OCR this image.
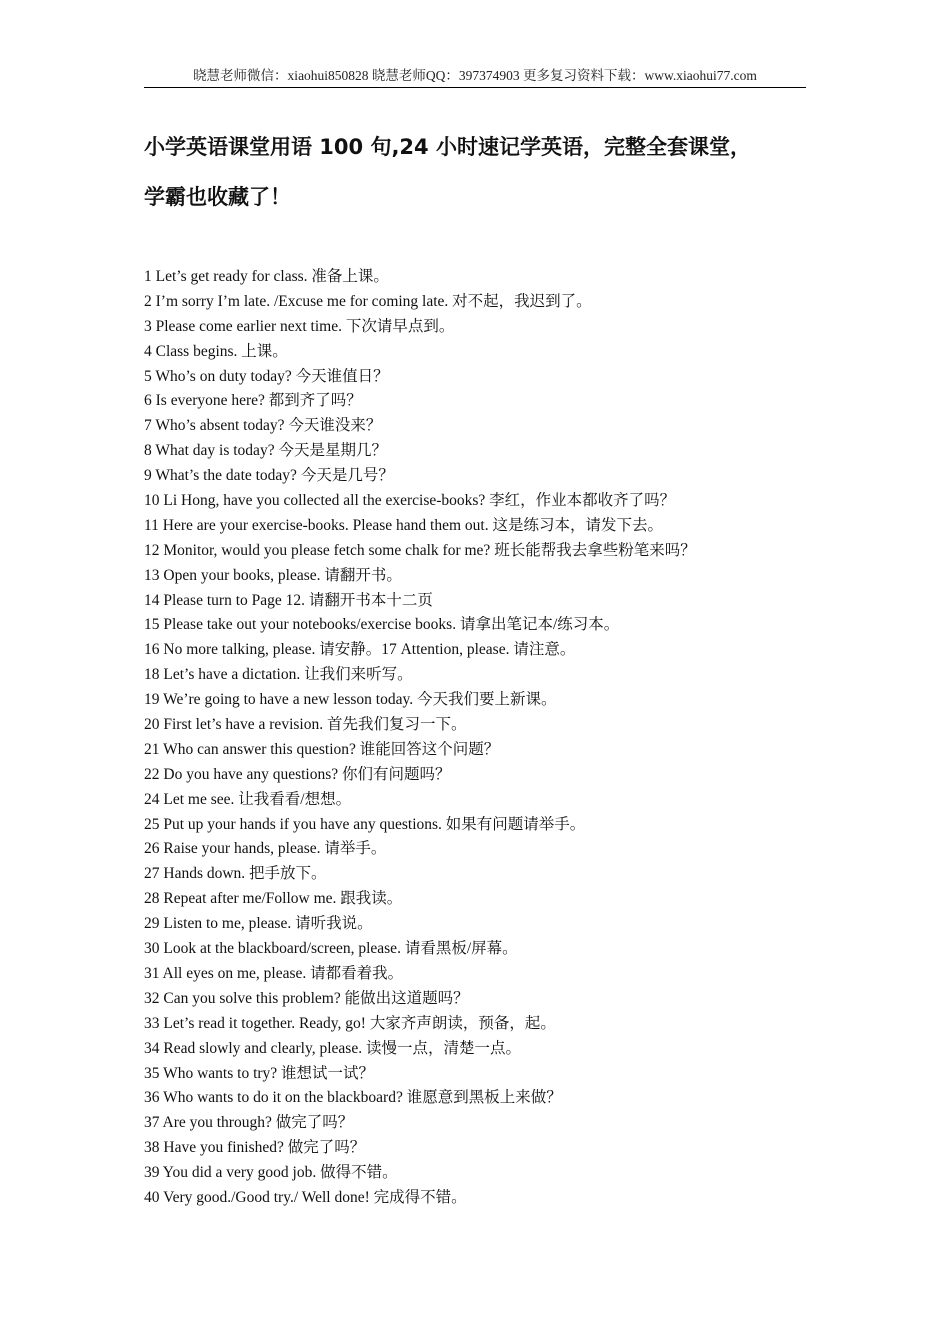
晓慧老师微信：xiaohui850828 晓慧老师QQ：397374903 更多复习资料下载：www.xiaohui77.com
小学英语课堂用语 100 句,24 小时速记学英语，完整全套课堂，
学霸也收藏了！
1 Let’s get ready for class. 准备上课。
2 I’m sorry I’m late. /Excuse me for coming late. 对不起，我迟到了。
3 Please come earlier next time. 下次请早点到。
4 Class begins. 上课。
5 Who’s on duty today? 今天谁值日？
6 Is everyone here? 都到齐了吗？
7 Who’s absent today? 今天谁没来？
8 What day is today? 今天是星期几？
9 What’s the date today? 今天是几号？
10 Li Hong, have you collected all the exercise-books? 李红，作业本都收齐了吗？
11 Here are your exercise-books. Please hand them out. 这是练习本，请发下去。
12 Monitor, would you please fetch some chalk for me? 班长能帮我去拿些粉笔来吗？
13 Open your books, please. 请翻开书。
14 Please turn to Page 12. 请翻开书本十二页
15 Please take out your notebooks/exercise books. 请拿出笔记本/练习本。
16 No more talking, please. 请安静。17 Attention, please. 请注意。
18 Let’s have a dictation. 让我们来听写。
19 We’re going to have a new lesson today. 今天我们要上新课。
20 First let’s have a revision. 首先我们复习一下。
21 Who can answer this question? 谁能回答这个问题？
22 Do you have any questions? 你们有问题吗？
24 Let me see. 让我看看/想想。
25 Put up your hands if you have any questions. 如果有问题请举手。
26 Raise your hands, please. 请举手。
27 Hands down. 把手放下。
28 Repeat after me/Follow me. 跟我读。
29 Listen to me, please. 请听我说。
30 Look at the blackboard/screen, please. 请看黑板/屏幕。
31 All eyes on me, please. 请都看着我。
32 Can you solve this problem? 能做出这道题吗？
33 Let’s read it together. Ready, go! 大家齐声朗读，预备，起。
34 Read slowly and clearly, please. 读慢一点，清楚一点。
35 Who wants to try? 谁想试一试？
36 Who wants to do it on the blackboard? 谁愿意到黑板上来做？
37 Are you through? 做完了吗？
38 Have you finished? 做完了吗？
39 You did a very good job. 做得不错。
40 Very good./Good try./ Well done! 完成得不错。
